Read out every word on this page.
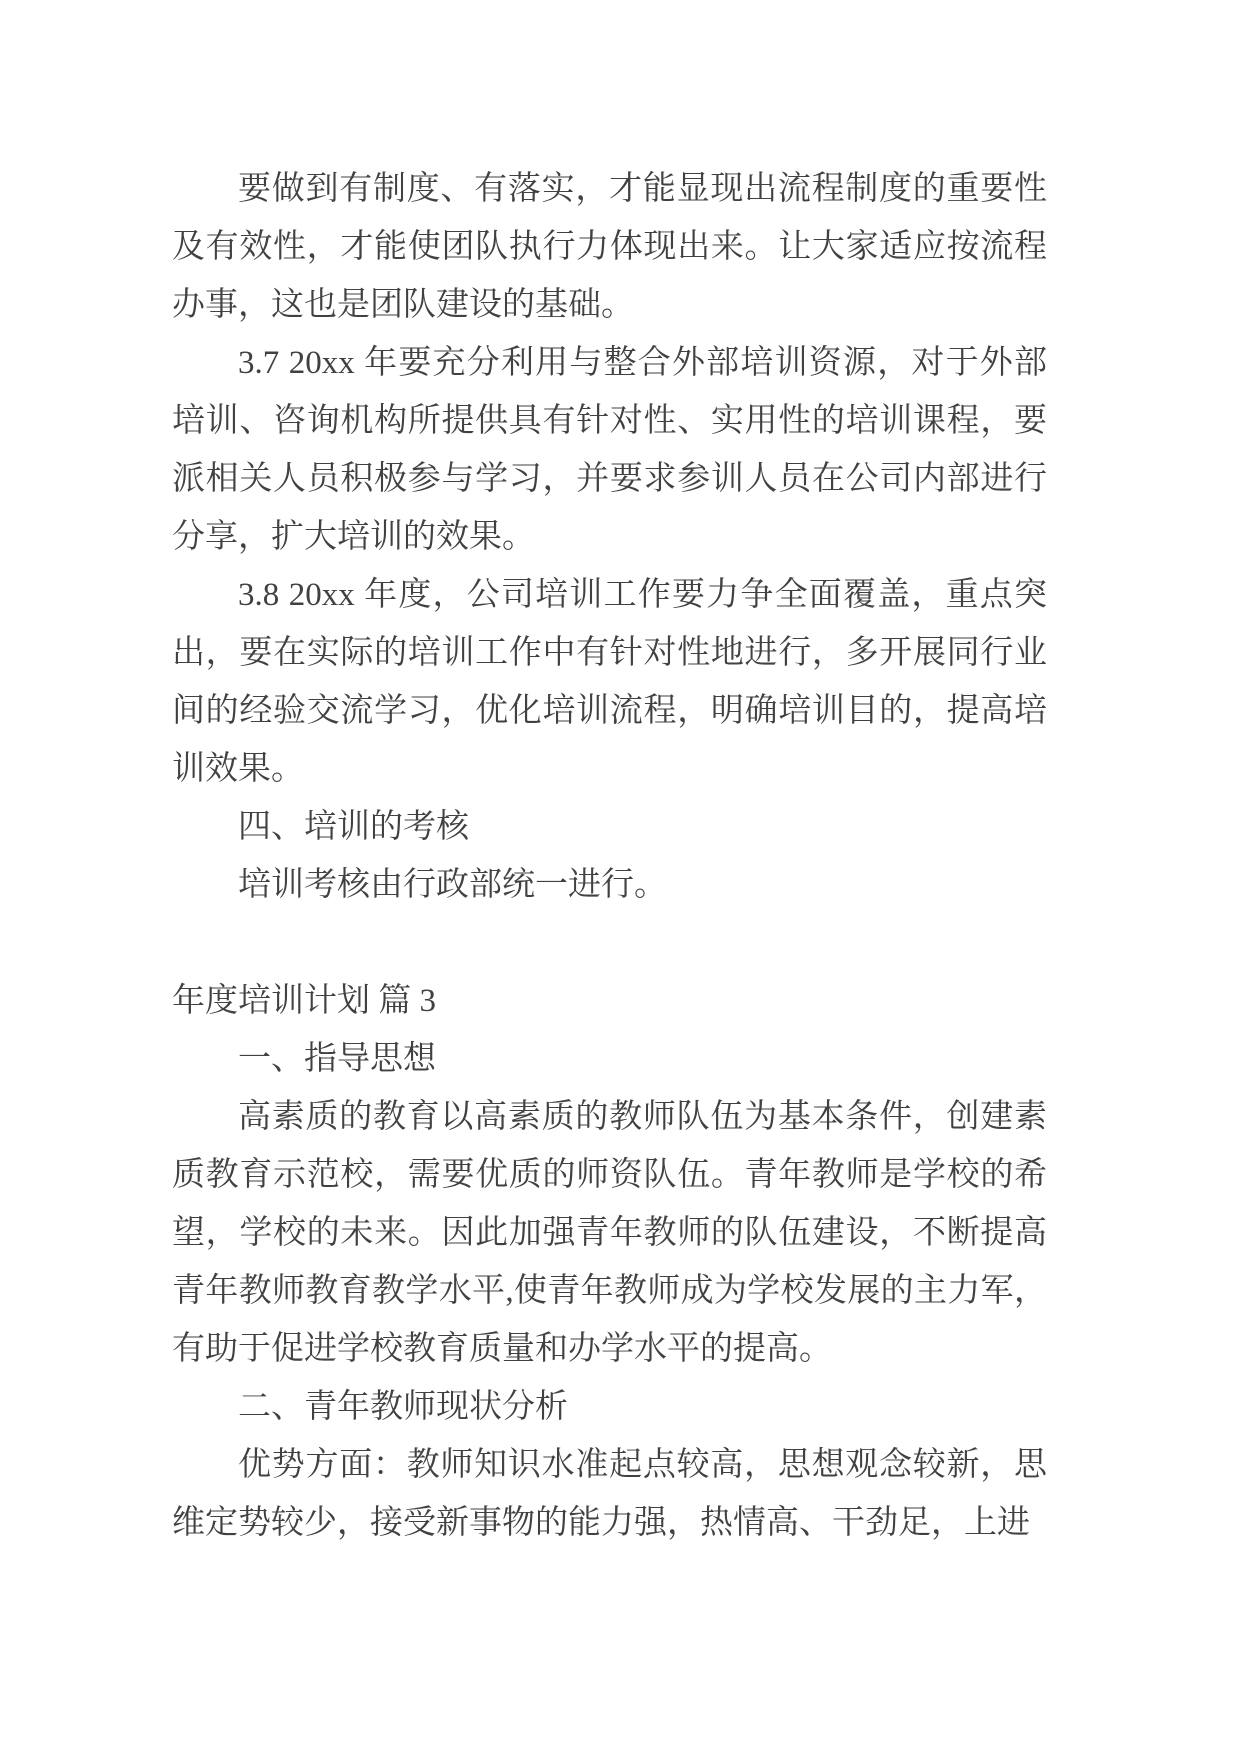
要做到有制度、有落实，才能显现出流程制度的重要性及有效性，才能使团队执行力体现出来。让大家适应按流程办事，这也是团队建设的基础。

3.7 20xx 年要充分利用与整合外部培训资源，对于外部培训、咨询机构所提供具有针对性、实用性的培训课程，要派相关人员积极参与学习，并要求参训人员在公司内部进行分享，扩大培训的效果。

3.8 20xx 年度，公司培训工作要力争全面覆盖，重点突出，要在实际的培训工作中有针对性地进行，多开展同行业间的经验交流学习，优化培训流程，明确培训目的，提高培训效果。

四、培训的考核

培训考核由行政部统一进行。

年度培训计划 篇 3

一、指导思想

高素质的教育以高素质的教师队伍为基本条件，创建素质教育示范校，需要优质的师资队伍。青年教师是学校的希望，学校的未来。因此加强青年教师的队伍建设，不断提高青年教师教育教学水平,使青年教师成为学校发展的主力军，有助于促进学校教育质量和办学水平的提高。

二、青年教师现状分析

优势方面：教师知识水准起点较高，思想观念较新，思维定势较少，接受新事物的能力强，热情高、干劲足，上进
